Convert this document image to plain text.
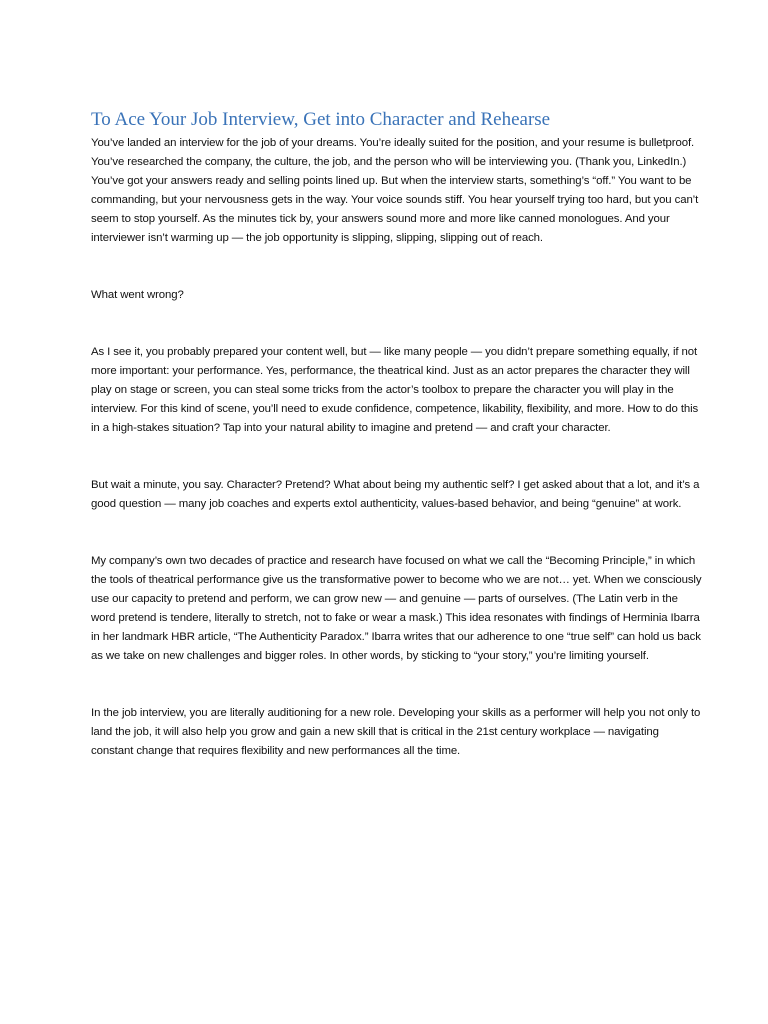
To Ace Your Job Interview, Get into Character and Rehearse

You’ve landed an interview for the job of your dreams. You’re ideally suited for the position, and your resume is bulletproof. You’ve researched the company, the culture, the job, and the person who will be interviewing you. (Thank you, LinkedIn.) You’ve got your answers ready and selling points lined up. But when the interview starts, something’s “off.” You want to be commanding, but your nervousness gets in the way. Your voice sounds stiff. You hear yourself trying too hard, but you can’t seem to stop yourself. As the minutes tick by, your answers sound more and more like canned monologues. And your interviewer isn’t warming up — the job opportunity is slipping, slipping, slipping out of reach.

What went wrong?

As I see it, you probably prepared your content well, but — like many people — you didn’t prepare something equally, if not more important: your performance. Yes, performance, the theatrical kind. Just as an actor prepares the character they will play on stage or screen, you can steal some tricks from the actor’s toolbox to prepare the character you will play in the interview. For this kind of scene, you’ll need to exude confidence, competence, likability, flexibility, and more. How to do this in a high-stakes situation? Tap into your natural ability to imagine and pretend — and craft your character.

But wait a minute, you say. Character? Pretend? What about being my authentic self? I get asked about that a lot, and it’s a good question — many job coaches and experts extol authenticity, values-based behavior, and being “genuine” at work.

My company’s own two decades of practice and research have focused on what we call the “Becoming Principle,” in which the tools of theatrical performance give us the transformative power to become who we are not… yet. When we consciously use our capacity to pretend and perform, we can grow new — and genuine — parts of ourselves. (The Latin verb in the word pretend is tendere, literally to stretch, not to fake or wear a mask.) This idea resonates with findings of Herminia Ibarra in her landmark HBR article, “The Authenticity Paradox.” Ibarra writes that our adherence to one “true self” can hold us back as we take on new challenges and bigger roles. In other words, by sticking to “your story,” you’re limiting yourself.

In the job interview, you are literally auditioning for a new role. Developing your skills as a performer will help you not only to land the job, it will also help you grow and gain a new skill that is critical in the 21st century workplace — navigating constant change that requires flexibility and new performances all the time.
